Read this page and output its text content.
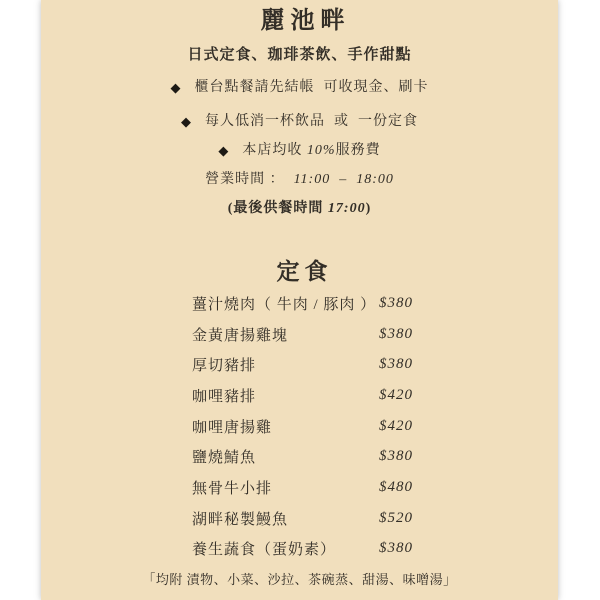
麗池畔
日式定食、珈琲茶飲、手作甜點
◆ 櫃台點餐請先結帳  可收現金、刷卡
◆ 每人低消一杯飲品  或  一份定食
◆ 本店均收 10% 服務費
營業時間 ： 11:00  –  18:00
(最後供餐時間 17:00 )
定食
薑汁燒肉（ 牛肉 / 豚肉 ） $380
金黃唐揚雞塊	$380
厚切豬排	$380
咖哩豬排	$420
咖哩唐揚雞	$420
鹽燒鯖魚	$380
無骨牛小排	$480
湖畔秘製鰻魚	$520
養生蔬食（蛋奶素）	$380
「均附 漬物、小菜、沙拉、茶碗蒸、甜湯、味噌湯」
